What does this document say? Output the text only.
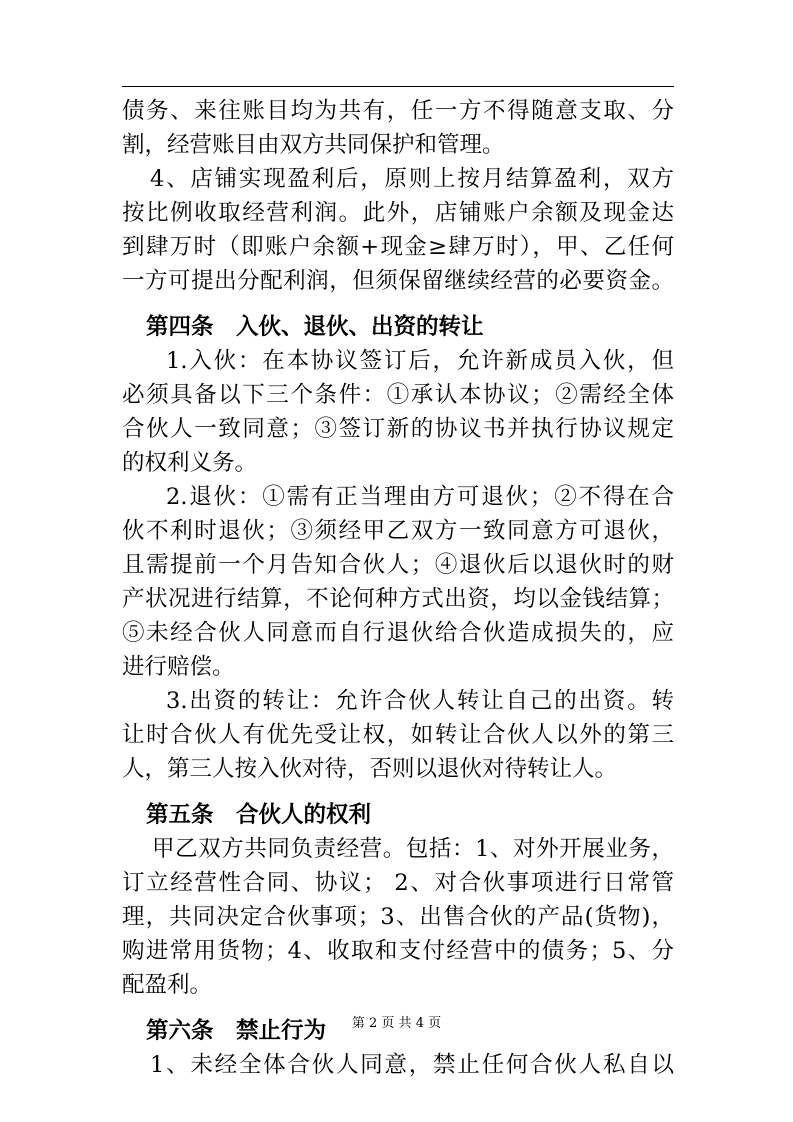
债务、来往账目均为共有，任一方不得随意支取、分
割，经营账目由双方共同保护和管理。
4、店铺实现盈利后，原则上按月结算盈利，双方
按比例收取经营利润。此外，店铺账户余额及现金达
到肆万时（即账户余额+现金≥肆万时），甲、乙任何
一方可提出分配利润，但须保留继续经营的必要资金。
第四条　入伙、退伙、出资的转让
1.入伙：在本协议签订后，允许新成员入伙，但
必须具备以下三个条件：①承认本协议；②需经全体
合伙人一致同意；③签订新的协议书并执行协议规定
的权利义务。
2.退伙：①需有正当理由方可退伙；②不得在合
伙不利时退伙；③须经甲乙双方一致同意方可退伙，
且需提前一个月告知合伙人；④退伙后以退伙时的财
产状况进行结算，不论何种方式出资，均以金钱结算；
⑤未经合伙人同意而自行退伙给合伙造成损失的，应
进行赔偿。
3.出资的转让：允许合伙人转让自己的出资。转
让时合伙人有优先受让权，如转让合伙人以外的第三
人，第三人按入伙对待，否则以退伙对待转让人。
第五条　合伙人的权利
甲乙双方共同负责经营。包括：1、对外开展业务，
订立经营性合同、协议； 2、对合伙事项进行日常管
理，共同决定合伙事项；3、出售合伙的产品(货物)，
购进常用货物；4、收取和支付经营中的债务；5、分
配盈利。
第六条　禁止行为
1、未经全体合伙人同意，禁止任何合伙人私自以
第 2 页 共 4 页
